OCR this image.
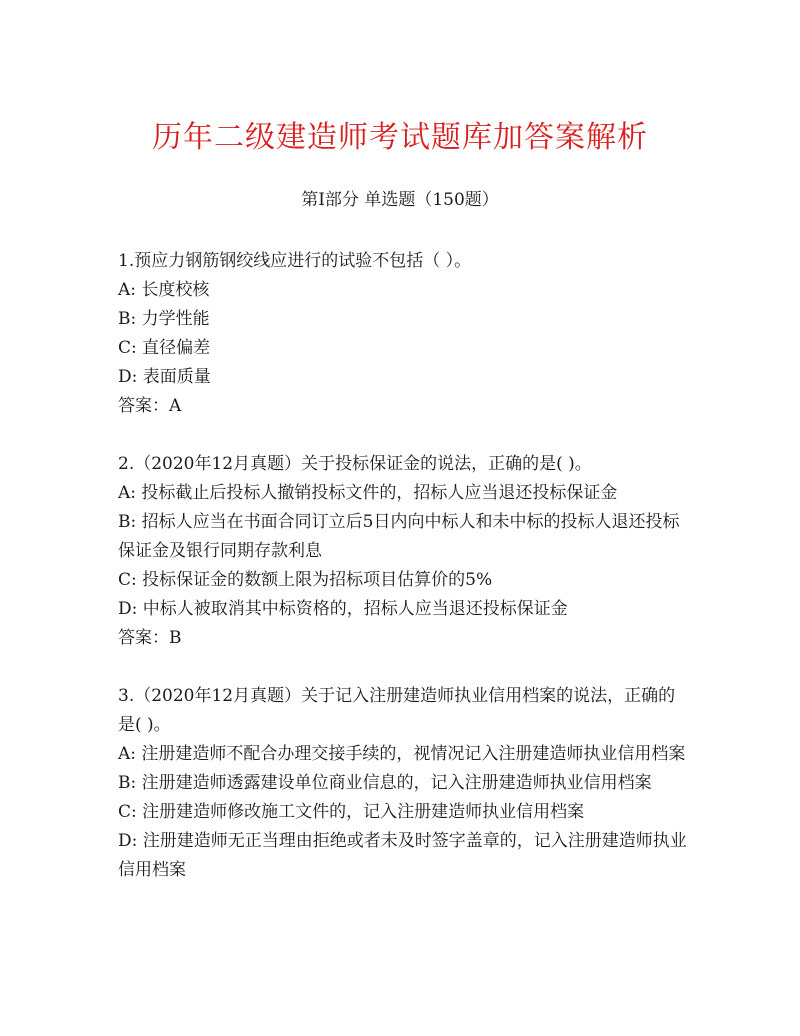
历年二级建造师考试题库加答案解析
第I部分 单选题（150题）

1.预应力钢筋钢绞线应进行的试验不包括（ ）。

A: 长度校核

B: 力学性能

C: 直径偏差

D: 表面质量

答案：A

2.（2020年12月真题）关于投标保证金的说法，正确的是( )。

A: 投标截止后投标人撤销投标文件的，招标人应当退还投标保证金

B: 招标人应当在书面合同订立后5日内向中标人和未中标的投标人退还投标保证金及银行同期存款利息

C: 投标保证金的数额上限为招标项目估算价的5%

D: 中标人被取消其中标资格的，招标人应当退还投标保证金

答案：B

3.（2020年12月真题）关于记入注册建造师执业信用档案的说法，正确的是( )。

A: 注册建造师不配合办理交接手续的，视情况记入注册建造师执业信用档案

B: 注册建造师透露建设单位商业信息的，记入注册建造师执业信用档案

C: 注册建造师修改施工文件的，记入注册建造师执业信用档案

D: 注册建造师无正当理由拒绝或者未及时签字盖章的，记入注册建造师执业信用档案
